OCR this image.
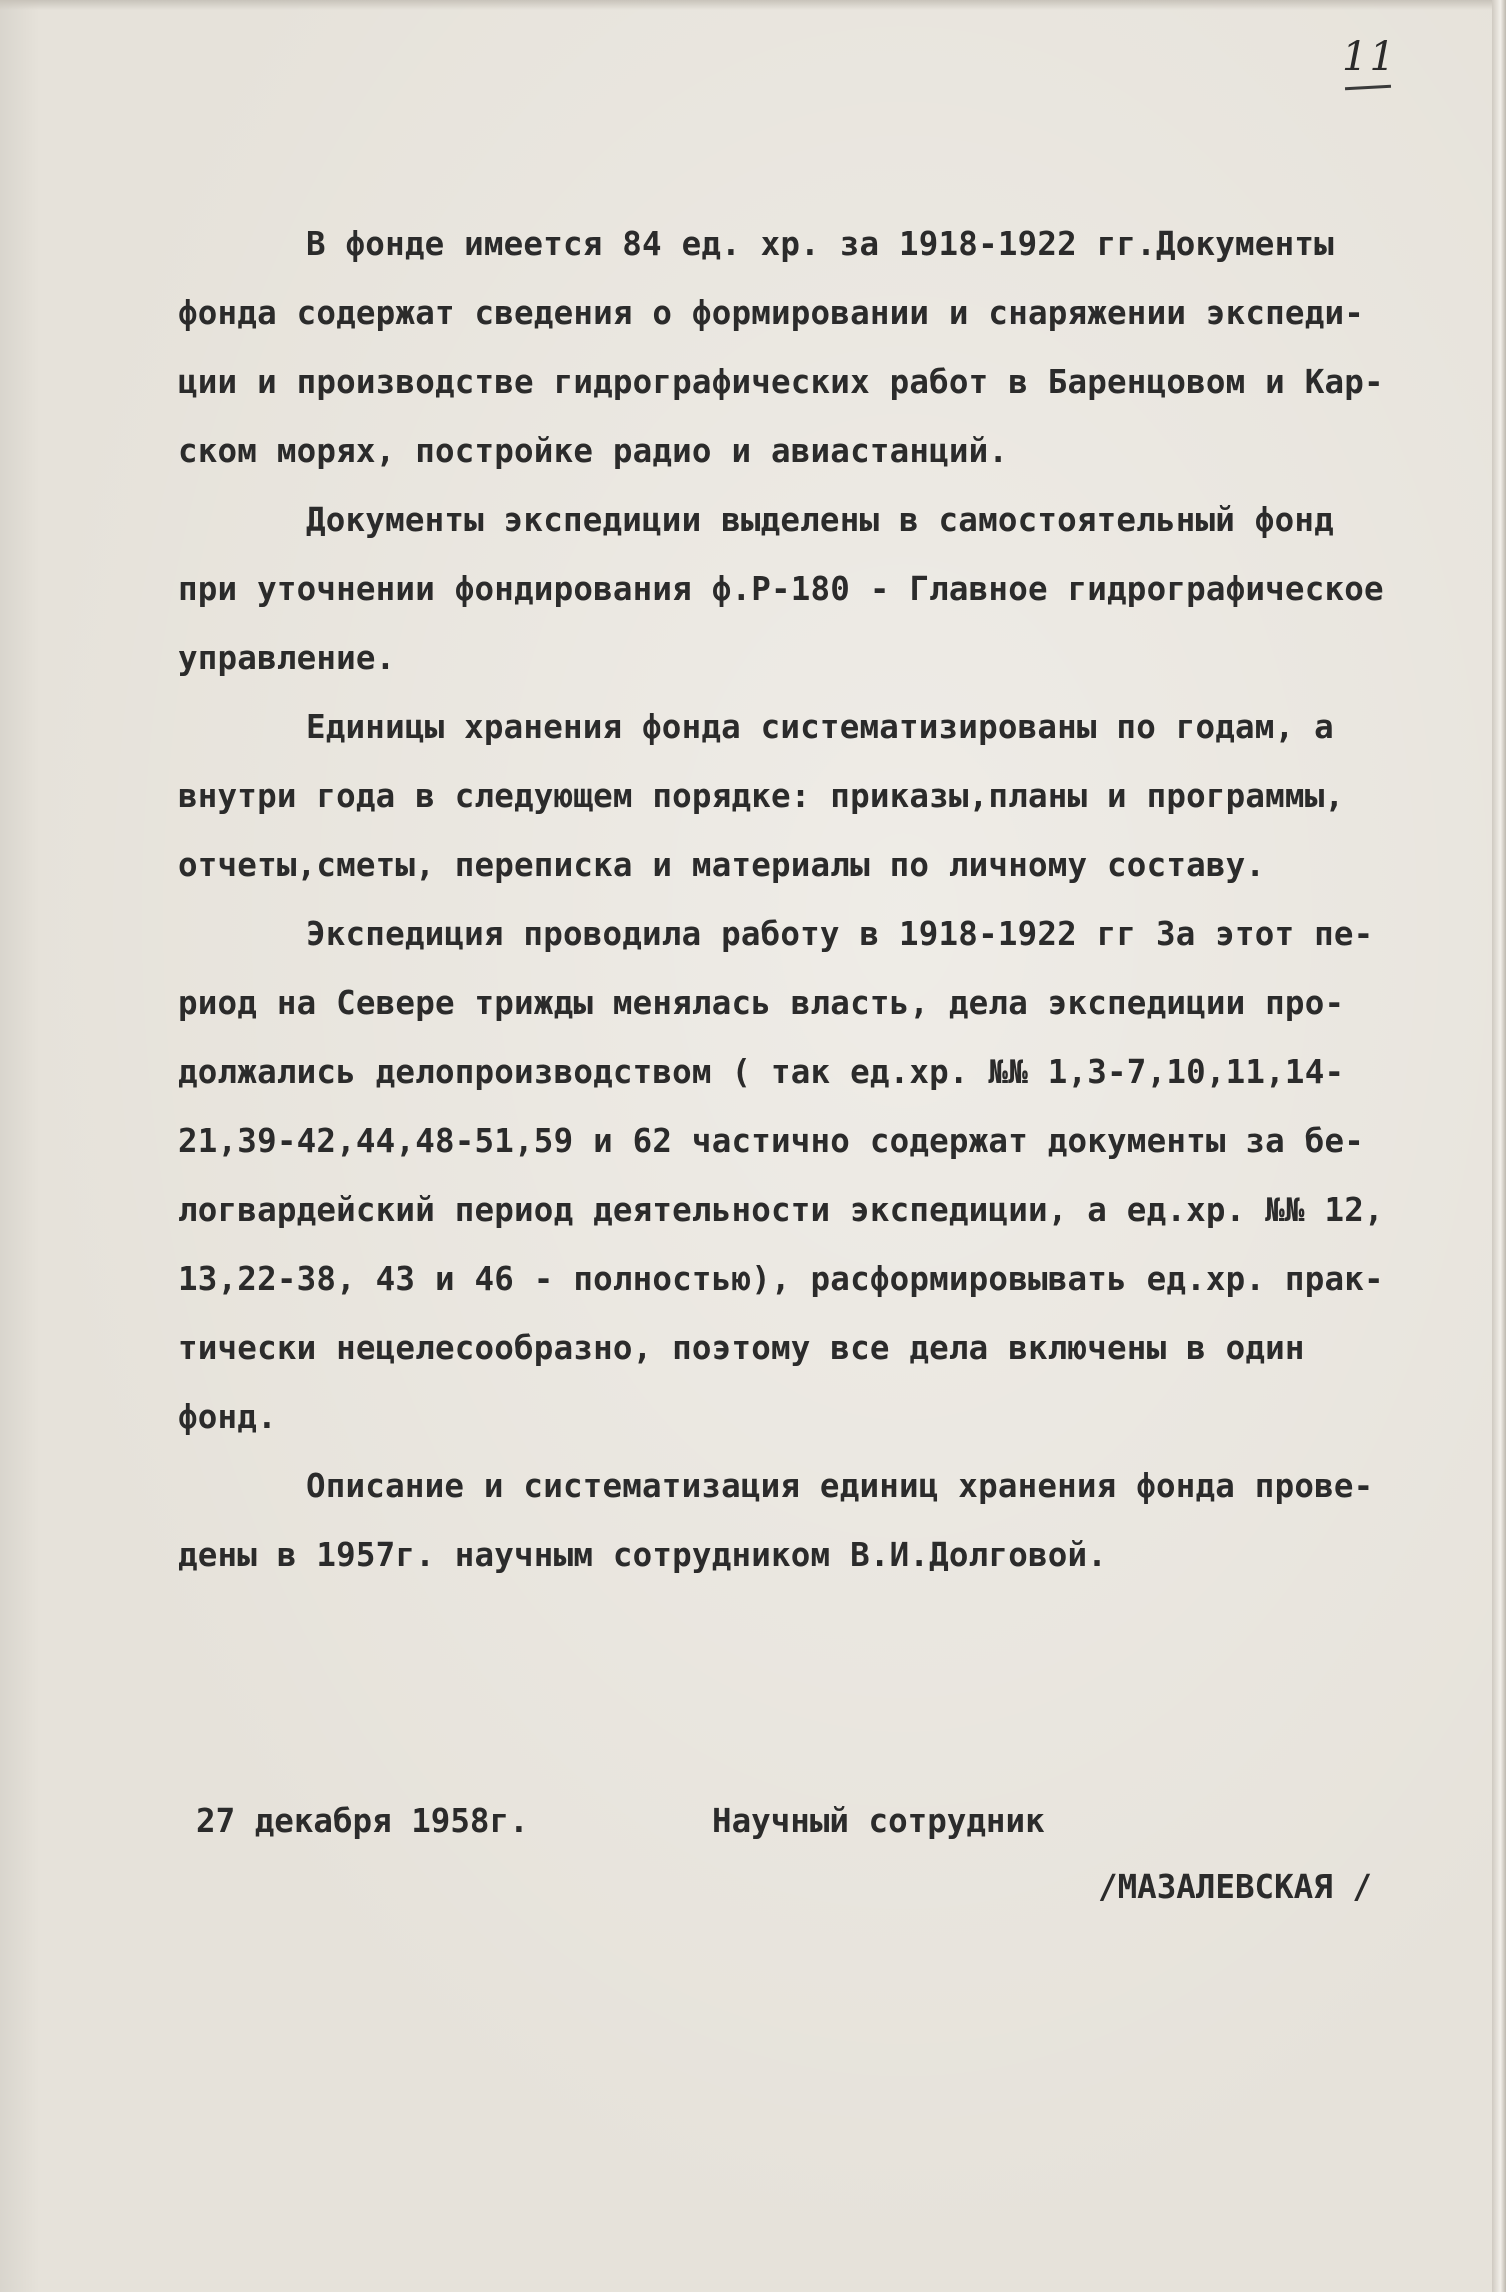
11
В фонде имеется 84 ед. хр. за 1918-1922 гг.Документы
фонда содержат сведения о формировании и снаряжении экспеди-
ции и производстве гидрографических работ в Баренцовом и Кар-
ском морях, постройке радио и авиастанций.
Документы экспедиции выделены в самостоятельный фонд
при уточнении фондирования ф.Р-180 - Главное гидрографическое
управление.
Единицы хранения фонда систематизированы по годам, а
внутри года в следующем порядке: приказы,планы и программы,
отчеты,сметы, переписка и материалы по личному составу.
Экспедиция проводила работу в 1918-1922 гг За этот пе-
риод на Севере трижды менялась власть, дела экспедиции про-
должались делопроизводством ( так ед.хр. №№ 1,3-7,10,11,14-
21,39-42,44,48-51,59 и 62 частично содержат документы за бе-
логвардейский период деятельности экспедиции, а ед.хр. №№ 12,
13,22-38, 43 и 46 - полностью), расформировывать ед.хр. прак-
тически нецелесообразно, поэтому все дела включены в один
фонд.
Описание и систематизация единиц хранения фонда прове-
дены в 1957г. научным сотрудником В.И.Долговой.
27 декабря 1958г.	Научный сотрудник
/МАЗАЛЕВСКАЯ /
